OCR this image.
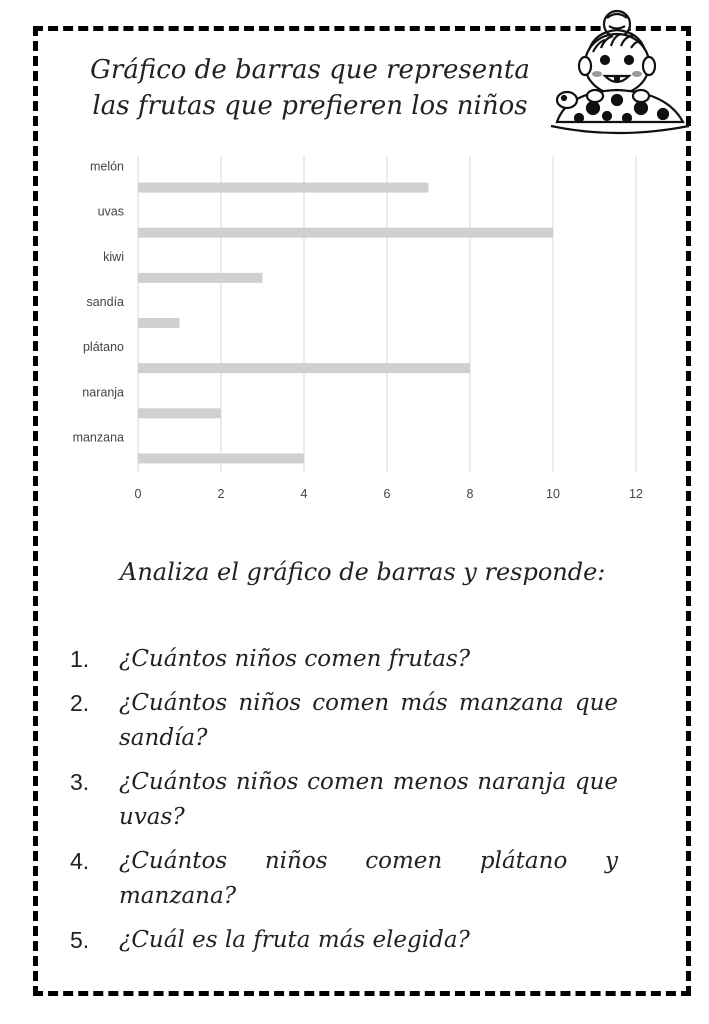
Gráfico de barras que representa
las frutas que prefieren los niños
0	2	4	6	8	10	12
melón
uvas
kiwi
sandía
plátano
naranja
manzana
Analiza el gráfico de barras y responde:
1. ¿Cuántos niños comen frutas?
2. ¿Cuántos niños comen más manzana que sandía?
3. ¿Cuántos niños comen menos naranja que uvas?
4. ¿Cuántos niños comen plátano y manzana?
5. ¿Cuál es la fruta más elegida?
